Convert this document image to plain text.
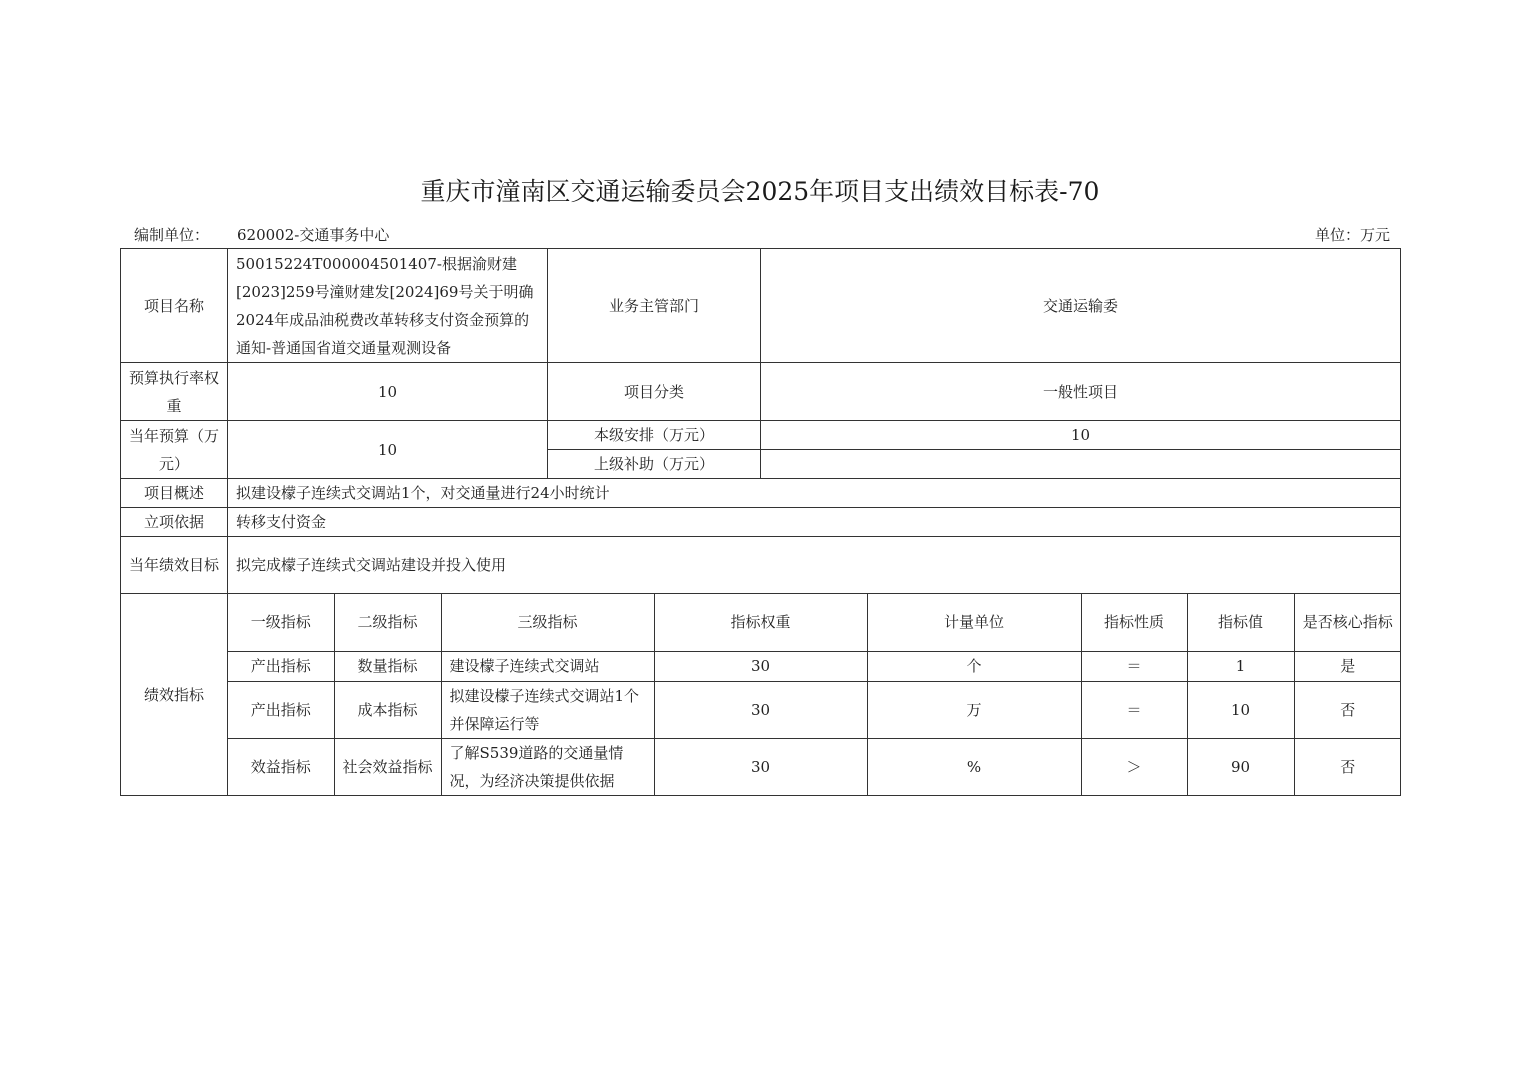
重庆市潼南区交通运输委员会2025年项目支出绩效目标表-70
编制单位： 620002-交通事务中心	单位：万元
项目名称	50015224T000004501407-根据渝财建[2023]259号潼财建发[2024]69号关于明确2024年成品油税费改革转移支付资金预算的通知-普通国省道交通量观测设备	业务主管部门	交通运输委
预算执行率权重	10	项目分类	一般性项目
当年预算（万元）	10	本级安排（万元）	10
上级补助（万元）	
项目概述	拟建设檬子连续式交调站1个，对交通量进行24小时统计
立项依据	转移支付资金
当年绩效目标	拟完成檬子连续式交调站建设并投入使用
绩效指标	
一级指标	二级指标	三级指标	指标权重	计量单位	指标性质	指标值	是否核心指标
产出指标	数量指标	建设檬子连续式交调站	30	个	＝	1	是
产出指标	成本指标	拟建设檬子连续式交调站1个并保障运行等	30	万	＝	10	否
效益指标	社会效益指标	了解S539道路的交通量情况，为经济决策提供依据	30	%	＞	90	否
